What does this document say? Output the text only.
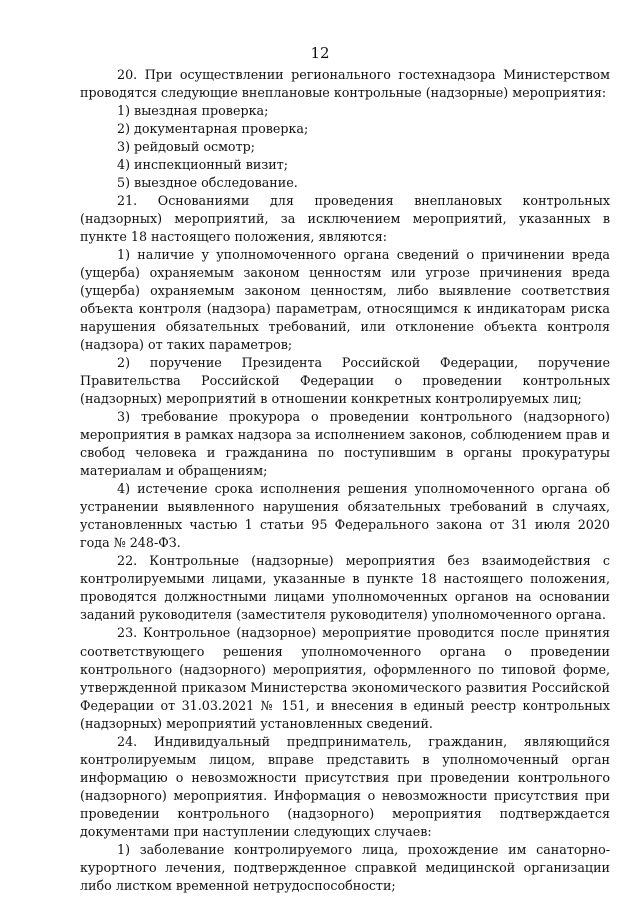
12

20. При осуществлении регионального гостехнадзора Министерством проводятся следующие внеплановые контрольные (надзорные) мероприятия:

1) выездная проверка;

2) документарная проверка;

3) рейдовый осмотр;

4) инспекционный визит;

5) выездное обследование.

21. Основаниями для проведения внеплановых контрольных (надзорных) мероприятий, за исключением мероприятий, указанных в пункте 18 настоящего положения, являются:

1) наличие у уполномоченного органа сведений о причинении вреда (ущерба) охраняемым законом ценностям или угрозе причинения вреда (ущерба) охраняемым законом ценностям, либо выявление соответствия объекта контроля (надзора) параметрам, относящимся к индикаторам риска нарушения обязательных требований, или отклонение объекта контроля (надзора) от таких параметров;

2) поручение Президента Российской Федерации, поручение Правительства Российской Федерации о проведении контрольных (надзорных) мероприятий в отношении конкретных контролируемых лиц;

3) требование прокурора о проведении контрольного (надзорного) мероприятия в рамках надзора за исполнением законов, соблюдением прав и свобод человека и гражданина по поступившим в органы прокуратуры материалам и обращениям;

4) истечение срока исполнения решения уполномоченного органа об устранении выявленного нарушения обязательных требований в случаях, установленных частью 1 статьи 95 Федерального закона от 31 июля 2020 года № 248-ФЗ.

22. Контрольные (надзорные) мероприятия без взаимодействия с контролируемыми лицами, указанные в пункте 18 настоящего положения, проводятся должностными лицами уполномоченных органов на основании заданий руководителя (заместителя руководителя) уполномоченного органа.

23. Контрольное (надзорное) мероприятие проводится после принятия соответствующего решения уполномоченного органа о проведении контрольного (надзорного) мероприятия, оформленного по типовой форме, утвержденной приказом Министерства экономического развития Российской Федерации от 31.03.2021 № 151, и внесения в единый реестр контрольных (надзорных) мероприятий установленных сведений.

24. Индивидуальный предприниматель, гражданин, являющийся контролируемым лицом, вправе представить в уполномоченный орган информацию о невозможности присутствия при проведении контрольного (надзорного) мероприятия. Информация о невозможности присутствия при проведении контрольного (надзорного) мероприятия подтверждается документами при наступлении следующих случаев:

1) заболевание контролируемого лица, прохождение им санаторно-курортного лечения, подтвержденное справкой медицинской организации либо листком временной нетрудоспособности;
